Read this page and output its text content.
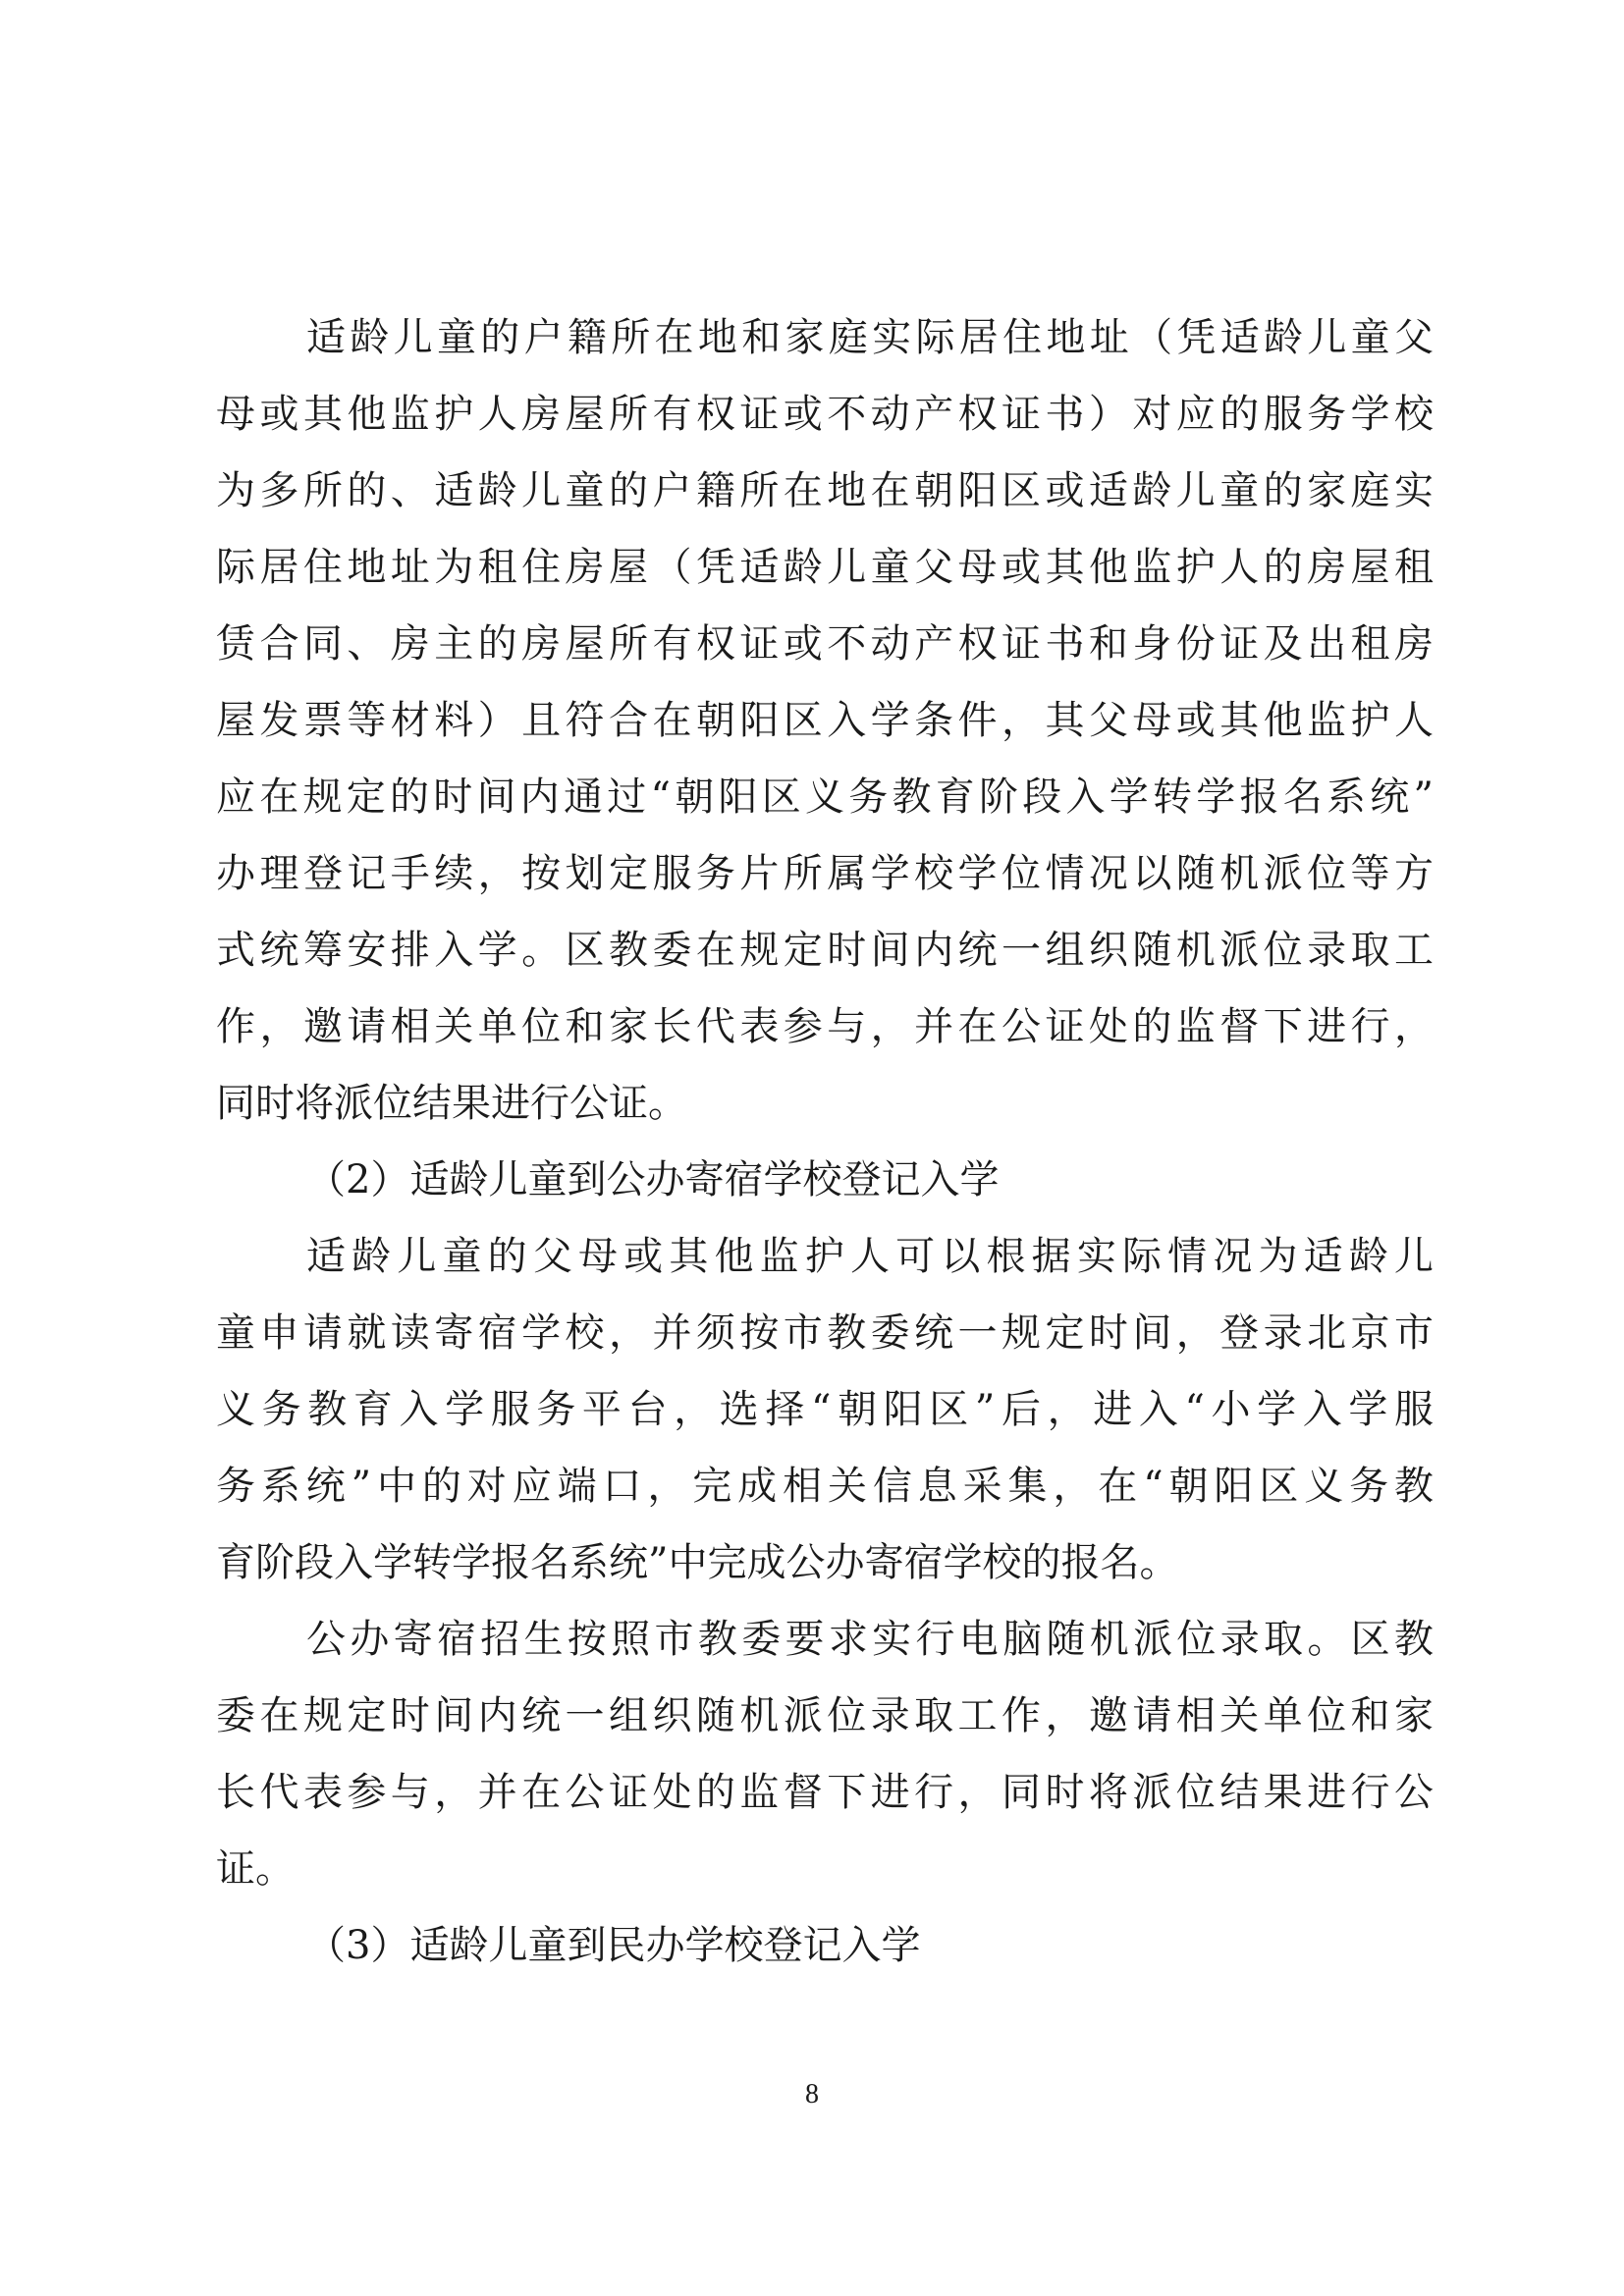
适龄儿童的户籍所在地和家庭实际居住地址（凭适龄儿童父
母或其他监护人房屋所有权证或不动产权证书）对应的服务学校
为多所的、适龄儿童的户籍所在地在朝阳区或适龄儿童的家庭实
际居住地址为租住房屋（凭适龄儿童父母或其他监护人的房屋租
赁合同、房主的房屋所有权证或不动产权证书和身份证及出租房
屋发票等材料）且符合在朝阳区入学条件，其父母或其他监护人
应在规定的时间内通过“朝阳区义务教育阶段入学转学报名系统”
办理登记手续，按划定服务片所属学校学位情况以随机派位等方
式统筹安排入学。区教委在规定时间内统一组织随机派位录取工
作，邀请相关单位和家长代表参与，并在公证处的监督下进行，
同时将派位结果进行公证。
（2）适龄儿童到公办寄宿学校登记入学
适龄儿童的父母或其他监护人可以根据实际情况为适龄儿
童申请就读寄宿学校，并须按市教委统一规定时间，登录北京市
义务教育入学服务平台，选择“朝阳区”后，进入“小学入学服
务系统”中的对应端口，完成相关信息采集，在“朝阳区义务教
育阶段入学转学报名系统”中完成公办寄宿学校的报名。
公办寄宿招生按照市教委要求实行电脑随机派位录取。区教
委在规定时间内统一组织随机派位录取工作，邀请相关单位和家
长代表参与，并在公证处的监督下进行，同时将派位结果进行公
证。
（3）适龄儿童到民办学校登记入学
8
